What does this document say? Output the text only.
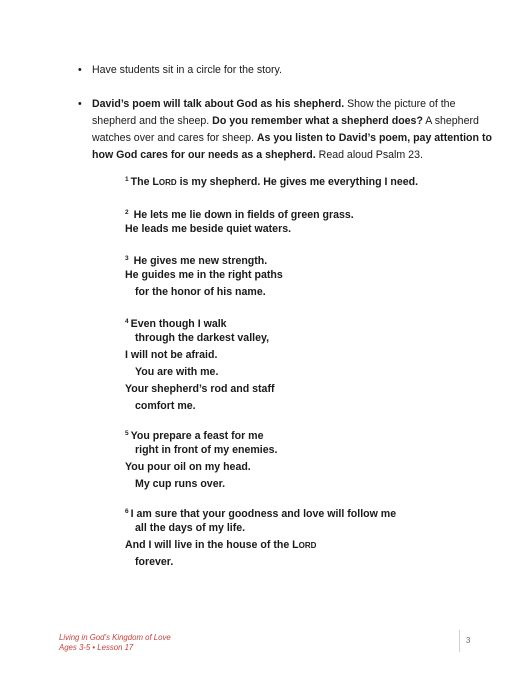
• Have students sit in a circle for the story.
• David’s poem will talk about God as his shepherd. Show the picture of the shepherd and the sheep. Do you remember what a shepherd does? A shepherd watches over and cares for sheep. As you listen to David’s poem, pay attention to how God cares for our needs as a shepherd. Read aloud Psalm 23.
$^1$ The LORD is my shepherd. He gives me everything I need.
$^2$ He lets me lie down in fields of green grass.
He leads me beside quiet waters.
$^3$ He gives me new strength.
He guides me in the right paths
for the honor of his name.
$^4$ Even though I walk
through the darkest valley,
I will not be afraid.
You are with me.
Your shepherd’s rod and staff
comfort me.
$^5$ You prepare a feast for me
right in front of my enemies.
You pour oil on my head.
My cup runs over.
$^6$ I am sure that your goodness and love will follow me
all the days of my life.
And I will live in the house of the LORD
forever.
Living in God’s Kingdom of Love
Ages 3-5 • Lesson 17
3
